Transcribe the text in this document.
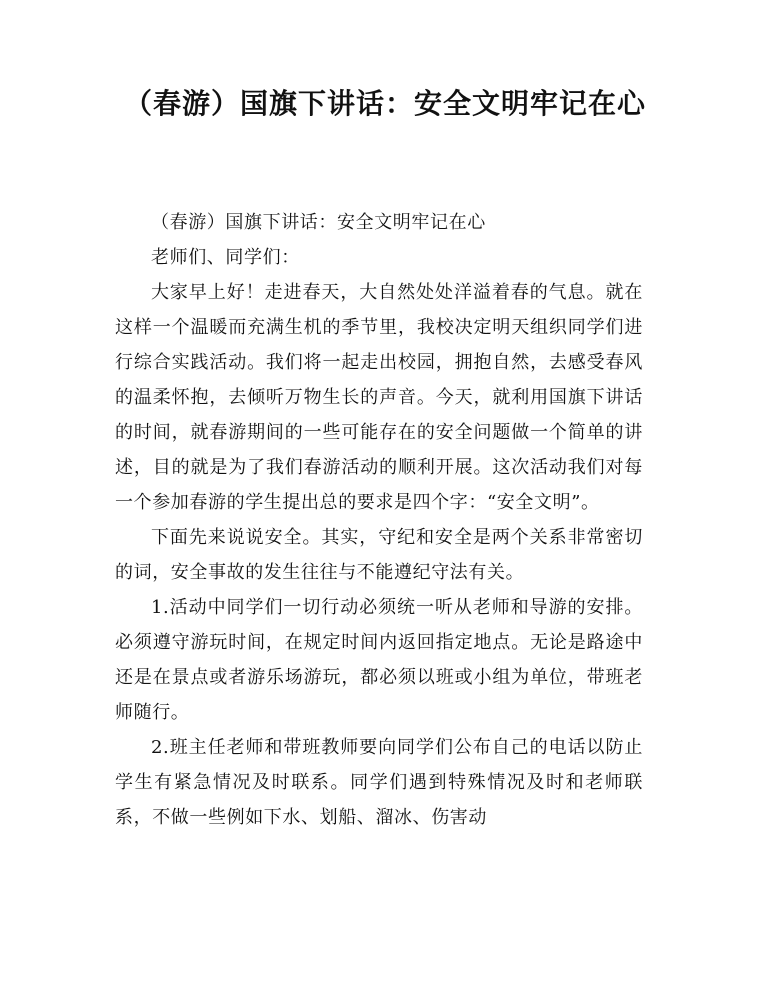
（春游）国旗下讲话：安全文明牢记在心

（春游）国旗下讲话：安全文明牢记在心

老师们、同学们：

大家早上好！走进春天，大自然处处洋溢着春的气息。就在这样一个温暖而充满生机的季节里，我校决定明天组织同学们进行综合实践活动。我们将一起走出校园，拥抱自然，去感受春风的温柔怀抱，去倾听万物生长的声音。今天，就利用国旗下讲话的时间，就春游期间的一些可能存在的安全问题做一个简单的讲述，目的就是为了我们春游活动的顺利开展。这次活动我们对每一个参加春游的学生提出总的要求是四个字：“安全文明”。

下面先来说说安全。其实，守纪和安全是两个关系非常密切的词，安全事故的发生往往与不能遵纪守法有关。

1.活动中同学们一切行动必须统一听从老师和导游的安排。必须遵守游玩时间，在规定时间内返回指定地点。无论是路途中还是在景点或者游乐场游玩，都必须以班或小组为单位，带班老师随行。

2.班主任老师和带班教师要向同学们公布自己的电话以防止学生有紧急情况及时联系。同学们遇到特殊情况及时和老师联系，不做一些例如下水、划船、溜冰、伤害动
